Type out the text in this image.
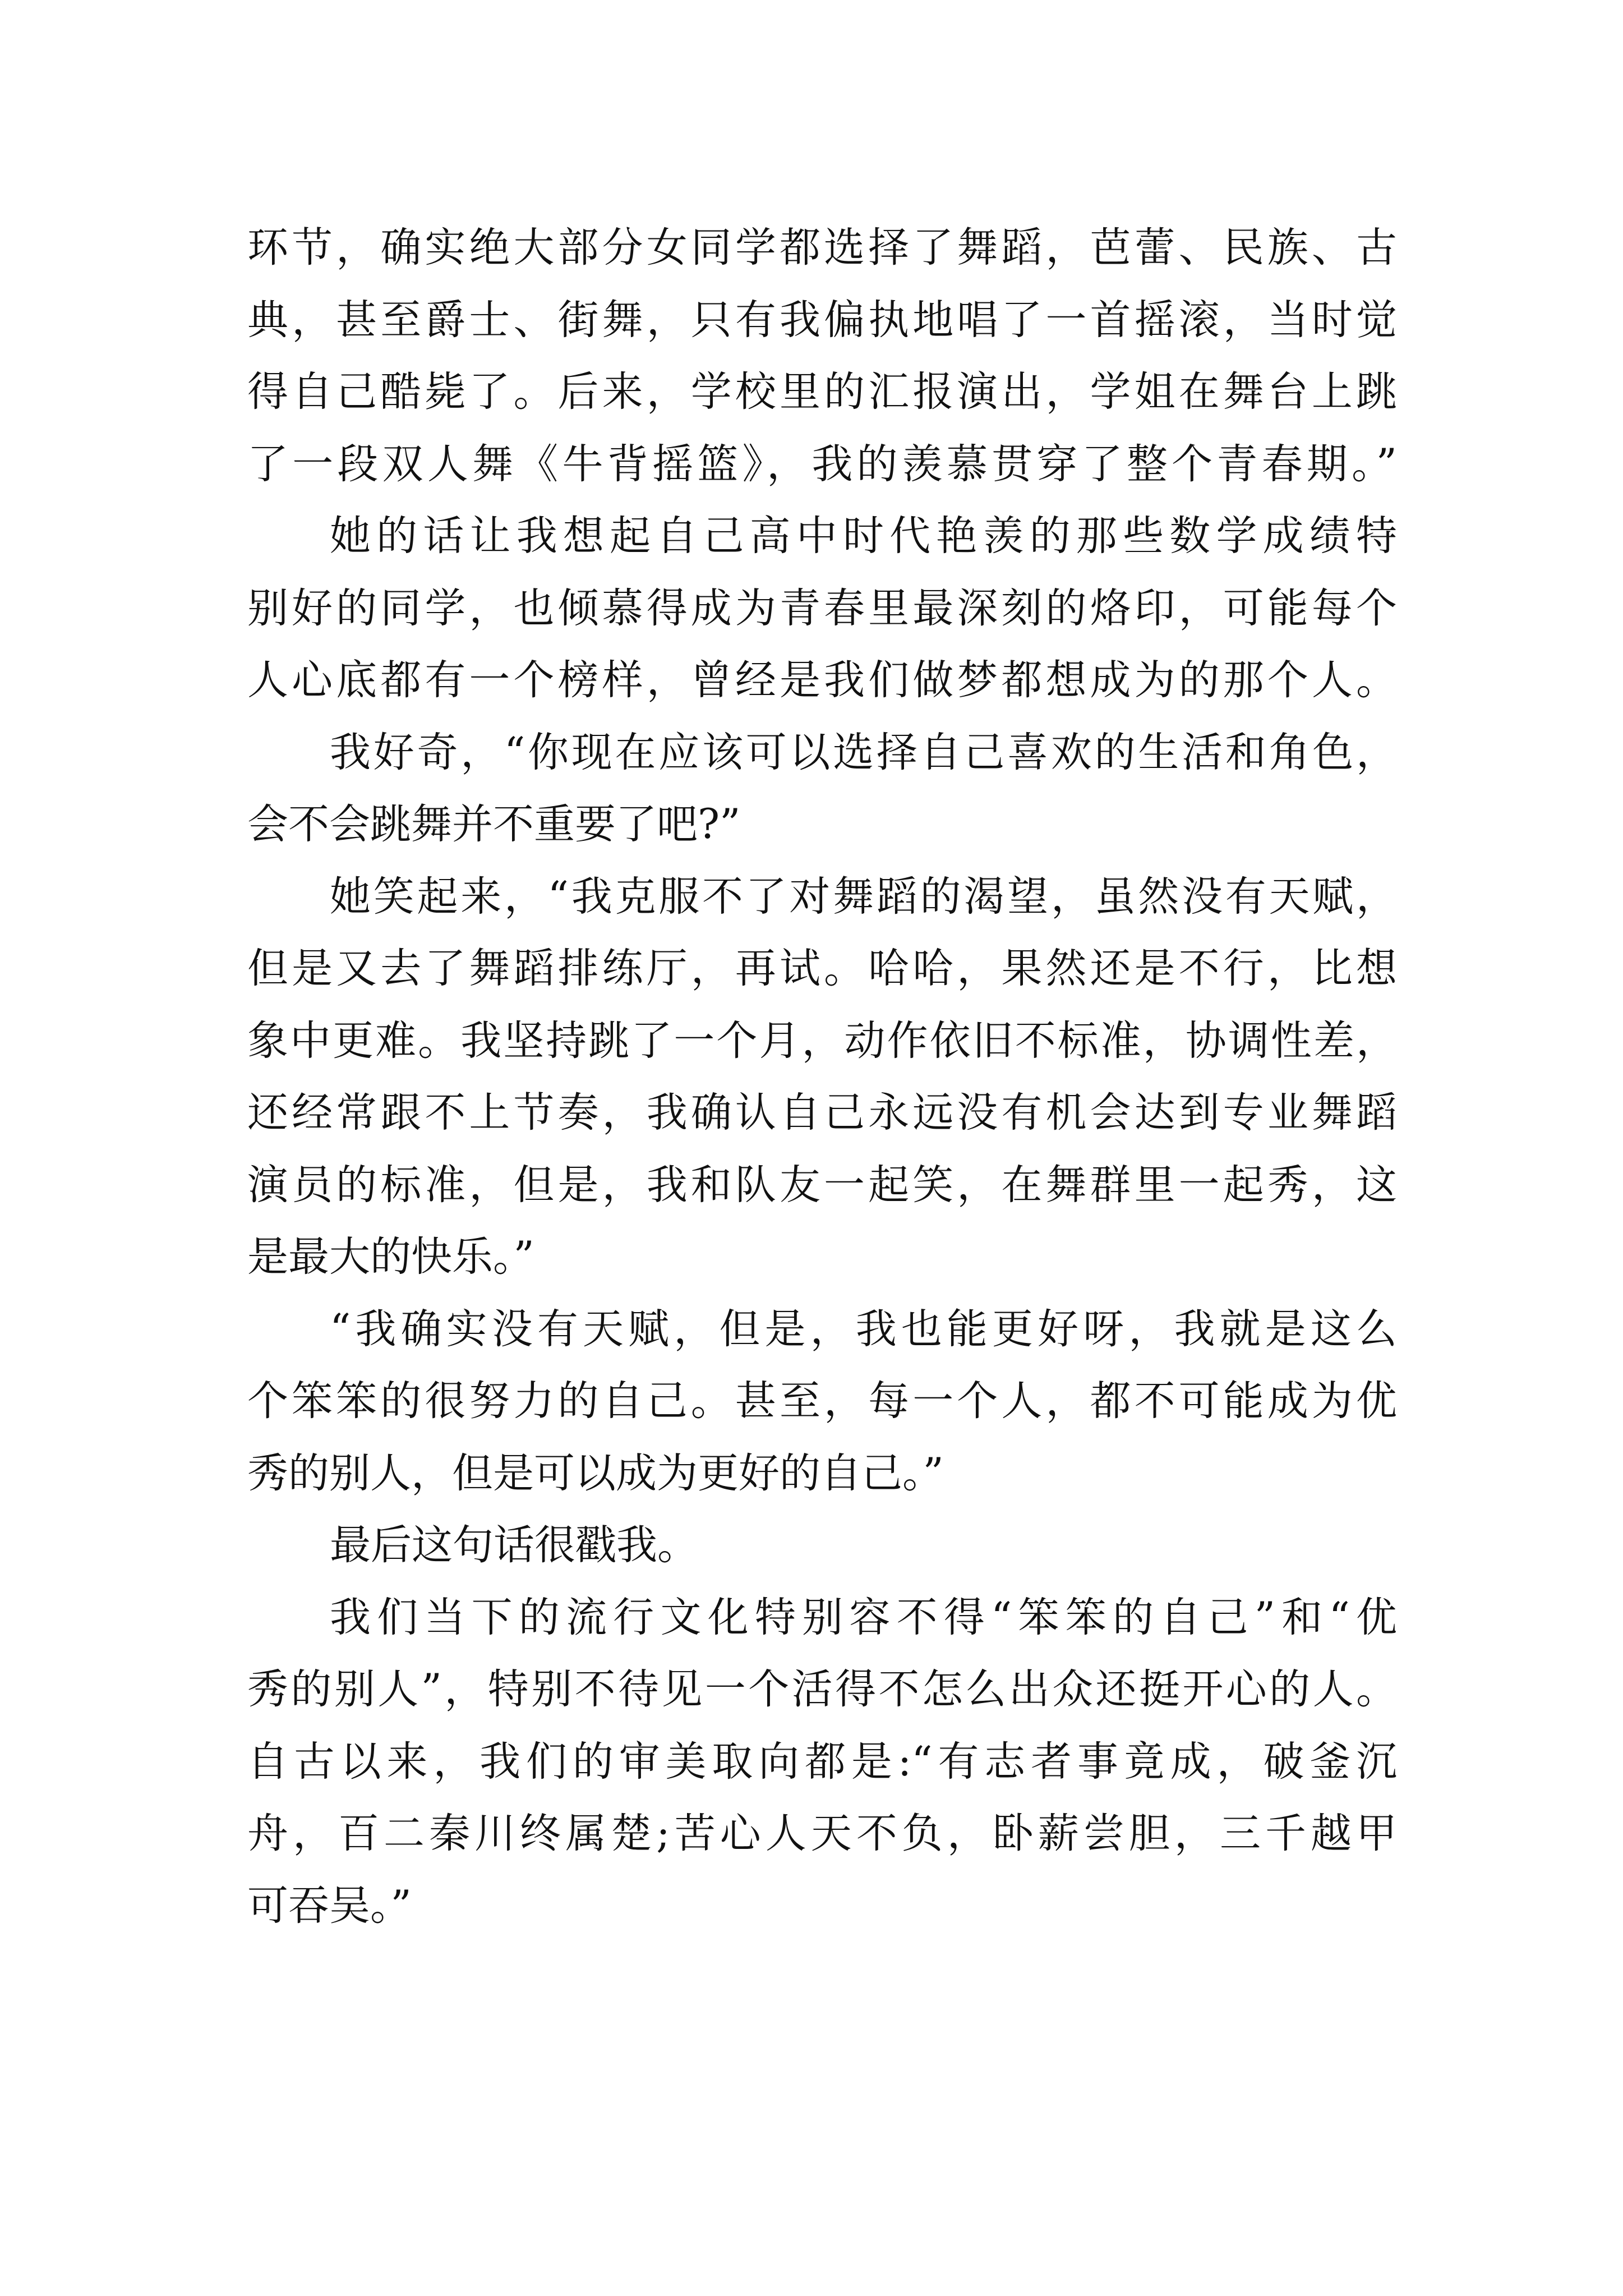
环节，确实绝大部分女同学都选择了舞蹈，芭蕾、民族、古
典，甚至爵士、街舞，只有我偏执地唱了一首摇滚，当时觉
得自己酷毙了。后来，学校里的汇报演出，学姐在舞台上跳
了一段双人舞《牛背摇篮》，我的羡慕贯穿了整个青春期。”
她的话让我想起自己高中时代艳羡的那些数学成绩特
别好的同学，也倾慕得成为青春里最深刻的烙印，可能每个
人心底都有一个榜样，曾经是我们做梦都想成为的那个人。
我好奇，“你现在应该可以选择自己喜欢的生活和角色，
会不会跳舞并不重要了吧?”
她笑起来，“我克服不了对舞蹈的渴望，虽然没有天赋，
但是又去了舞蹈排练厅，再试。哈哈，果然还是不行，比想
象中更难。我坚持跳了一个月，动作依旧不标准，协调性差，
还经常跟不上节奏，我确认自己永远没有机会达到专业舞蹈
演员的标准，但是，我和队友一起笑，在舞群里一起秀，这
是最大的快乐。”
“我确实没有天赋，但是，我也能更好呀，我就是这么
个笨笨的很努力的自己。甚至，每一个人，都不可能成为优
秀的别人，但是可以成为更好的自己。”
最后这句话很戳我。
我们当下的流行文化特别容不得“笨笨的自己”和“优
秀的别人”，特别不待见一个活得不怎么出众还挺开心的人。
自古以来，我们的审美取向都是:“有志者事竟成，破釜沉
舟，百二秦川终属楚;苦心人天不负，卧薪尝胆，三千越甲
可吞吴。”
